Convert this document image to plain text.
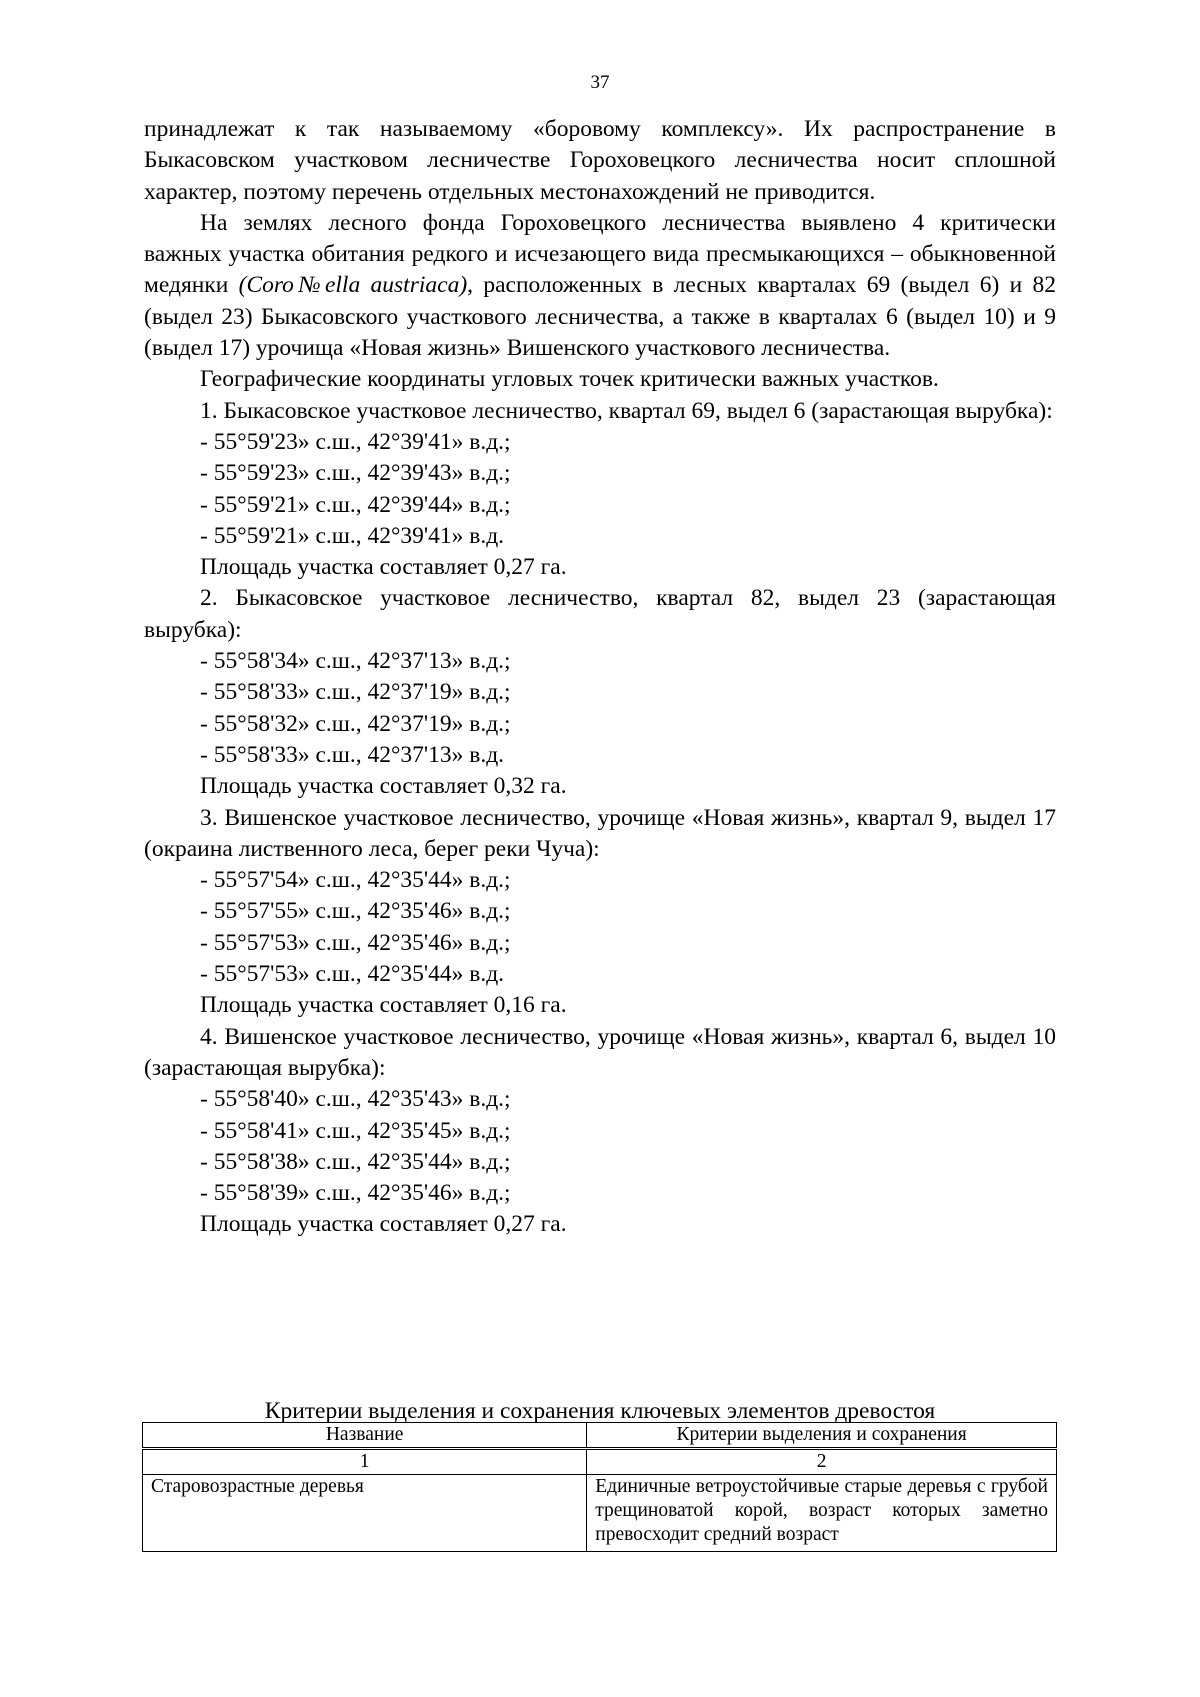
37

принадлежат к так называемому «боровому комплексу». Их распространение в Быкасовском участковом лесничестве Гороховецкого лесничества носит сплошной характер, поэтому перечень отдельных местонахождений не приводится.

На землях лесного фонда Гороховецкого лесничества выявлено 4 критически важных участка обитания редкого и исчезающего вида пресмыкающихся – обыкновенной медянки (Coro№ella austriaca), расположенных в лесных кварталах 69 (выдел 6) и 82 (выдел 23) Быкасовского участкового лесничества, а также в кварталах 6 (выдел 10) и 9 (выдел 17) урочища «Новая жизнь» Вишенского участкового лесничества.

Географические координаты угловых точек критически важных участков.

1. Быкасовское участковое лесничество, квартал 69, выдел 6 (зарастающая вырубка):

- 55°59'23» с.ш., 42°39'41» в.д.;

- 55°59'23» с.ш., 42°39'43» в.д.;

- 55°59'21» с.ш., 42°39'44» в.д.;

- 55°59'21» с.ш., 42°39'41» в.д.

Площадь участка составляет 0,27 га.

2. Быкасовское участковое лесничество, квартал 82, выдел 23 (зарастающая вырубка):

- 55°58'34» с.ш., 42°37'13» в.д.;

- 55°58'33» с.ш., 42°37'19» в.д.;

- 55°58'32» с.ш., 42°37'19» в.д.;

- 55°58'33» с.ш., 42°37'13» в.д.

Площадь участка составляет 0,32 га.

3. Вишенское участковое лесничество, урочище «Новая жизнь», квартал 9, выдел 17 (окраина лиственного леса, берег реки Чуча):

- 55°57'54» с.ш., 42°35'44» в.д.;

- 55°57'55» с.ш., 42°35'46» в.д.;

- 55°57'53» с.ш., 42°35'46» в.д.;

- 55°57'53» с.ш., 42°35'44» в.д.

Площадь участка составляет 0,16 га.

4. Вишенское участковое лесничество, урочище «Новая жизнь», квартал 6, выдел 10 (зарастающая вырубка):

- 55°58'40» с.ш., 42°35'43» в.д.;

- 55°58'41» с.ш., 42°35'45» в.д.;

- 55°58'38» с.ш., 42°35'44» в.д.;

- 55°58'39» с.ш., 42°35'46» в.д.;

Площадь участка составляет 0,27 га.

Критерии выделения и сохранения ключевых элементов древостоя
Название	Критерии выделения и сохранения
1	2
Старовозрастные деревья	Единичные ветроустойчивые старые деревья с грубой трещиноватой корой, возраст которых заметно превосходит средний возраст
